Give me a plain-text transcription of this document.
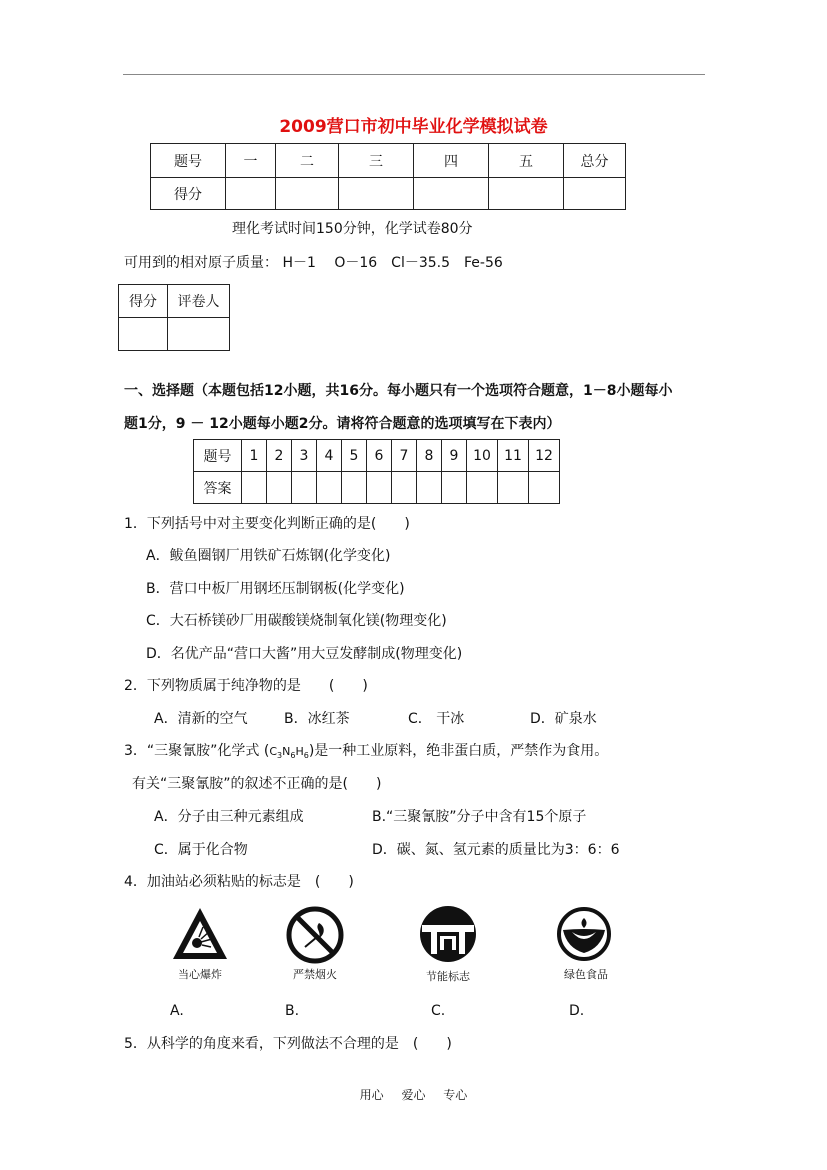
2009营口市初中毕业化学模拟试卷
题号	一	二	三	四	五	总分
得分						
理化考试时间150分钟，化学试卷80分
可用到的相对原子质量： H－1　 O－16　Cl－35.5　Fe-56
得分	评卷人

一、选择题（本题包括12小题，共16分。每小题只有一个选项符合题意，1－8小题每小
题1分，9 － 12小题每小题2分。请将符合题意的选项填写在下表内）
题号	1	2	3	4	5	6	7	8	9	10	11	12
答案												
1．下列括号中对主要变化判断正确的是(　　)
A．鲅鱼圈钢厂用铁矿石炼钢(化学变化)
B．营口中板厂用钢坯压制钢板(化学变化)
C．大石桥镁砂厂用碳酸镁烧制氧化镁(物理变化)
D．名优产品“营口大酱”用大豆发酵制成(物理变化)
2．下列物质属于纯净物的是　　(　　)
A．清新的空气	B．冰红茶	C． 干冰	D．矿泉水
3．“三聚氰胺”化学式 $(C_3N_6H_6)$是一种工业原料，绝非蛋白质，严禁作为食用。
有关“三聚氰胺”的叙述不正确的是(　　)
A．分子由三种元素组成	B.“三聚氰胺”分子中含有15个原子
C．属于化合物	D．碳、氮、氢元素的质量比为3：6：6
4．加油站必须粘贴的标志是　(　　)
当心爆炸	严禁烟火	节能标志	绿色食品
A.	B.	C.	D.
5．从科学的角度来看，下列做法不合理的是　(　　)
用心 爱心 专心
